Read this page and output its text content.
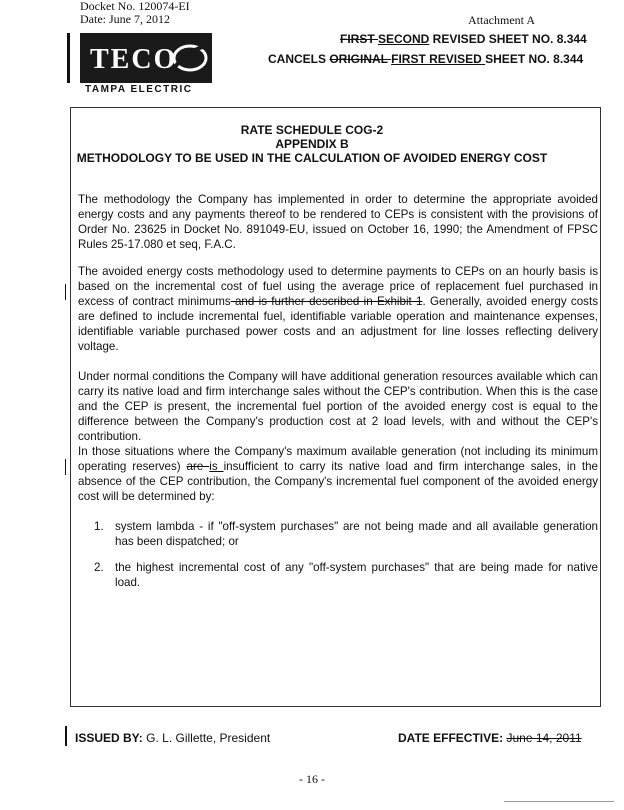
Docket No. 120074-EI
Date: June 7, 2012	Attachment A
TECO
TAMPA ELECTRIC
FIRST SECOND REVISED SHEET NO. 8.344
CANCELS ORIGINAL FIRST REVISED SHEET NO. 8.344
RATE SCHEDULE COG-2
APPENDIX B
METHODOLOGY TO BE USED IN THE CALCULATION OF AVOIDED ENERGY COST
The methodology the Company has implemented in order to determine the appropriate avoided energy costs and any payments thereof to be rendered to CEPs is consistent with the provisions of Order No. 23625 in Docket No. 891049-EU, issued on October 16, 1990; the Amendment of FPSC Rules 25-17.080 et seq, F.A.C.
The avoided energy costs methodology used to determine payments to CEPs on an hourly basis is based on the incremental cost of fuel using the average price of replacement fuel purchased in excess of contract minimums and is further described in Exhibit 1. Generally, avoided energy costs are defined to include incremental fuel, identifiable variable operation and maintenance expenses, identifiable variable purchased power costs and an adjustment for line losses reflecting delivery voltage.
Under normal conditions the Company will have additional generation resources available which can carry its native load and firm interchange sales without the CEP's contribution. When this is the case and the CEP is present, the incremental fuel portion of the avoided energy cost is equal to the difference between the Company's production cost at 2 load levels, with and without the CEP's contribution.
In those situations where the Company's maximum available generation (not including its minimum operating reserves) are is insufficient to carry its native load and firm interchange sales, in the absence of the CEP contribution, the Company's incremental fuel component of the avoided energy cost will be determined by:
1. system lambda - if "off-system purchases" are not being made and all available generation has been dispatched; or
2. the highest incremental cost of any "off-system purchases" that are being made for native load.
ISSUED BY: G. L. Gillette, President	DATE EFFECTIVE: June 14, 2011
- 16 -
